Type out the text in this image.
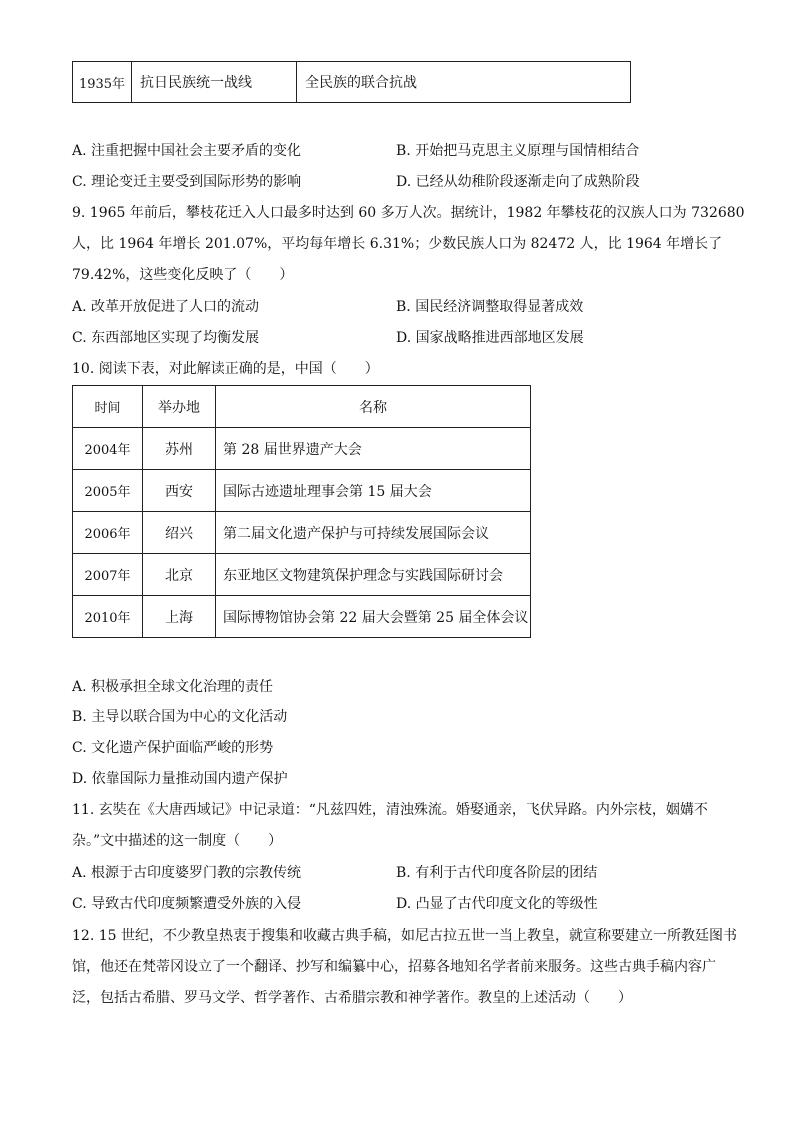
1935年	抗日民族统一战线	全民族的联合抗战
A. 注重把握中国社会主要矛盾的变化	B. 开始把马克思主义原理与国情相结合
C. 理论变迁主要受到国际形势的影响	D. 已经从幼稚阶段逐渐走向了成熟阶段
9. 1965 年前后，攀枝花迁入人口最多时达到 60 多万人次。据统计，1982 年攀枝花的汉族人口为 732680
人，比 1964 年增长 201.07%，平均每年增长 6.31%；少数民族人口为 82472 人，比 1964 年增长了
79.42%，这些变化反映了（　　）
A. 改革开放促进了人口的流动	B. 国民经济调整取得显著成效
C. 东西部地区实现了均衡发展	D. 国家战略推进西部地区发展
10. 阅读下表，对此解读正确的是，中国（　　）
时间	举办地	名称
2004年	苏州	第 28 届世界遗产大会
2005年	西安	国际古迹遗址理事会第 15 届大会
2006年	绍兴	第二届文化遗产保护与可持续发展国际会议
2007年	北京	东亚地区文物建筑保护理念与实践国际研讨会
2010年	上海	国际博物馆协会第 22 届大会暨第 25 届全体会议
A. 积极承担全球文化治理的责任
B. 主导以联合国为中心的文化活动
C. 文化遗产保护面临严峻的形势
D. 依靠国际力量推动国内遗产保护
11. 玄奘在《大唐西域记》中记录道：“凡兹四姓，清浊殊流。婚娶通亲，飞伏异路。内外宗枝，姻媾不
杂。”文中描述的这一制度（　　）
A. 根源于古印度婆罗门教的宗教传统	B. 有利于古代印度各阶层的团结
C. 导致古代印度频繁遭受外族的入侵	D. 凸显了古代印度文化的等级性
12. 15 世纪，不少教皇热衷于搜集和收藏古典手稿，如尼古拉五世一当上教皇，就宣称要建立一所教廷图书
馆，他还在梵蒂冈设立了一个翻译、抄写和编纂中心，招募各地知名学者前来服务。这些古典手稿内容广
泛，包括古希腊、罗马文学、哲学著作、古希腊宗教和神学著作。教皇的上述活动（　　）
